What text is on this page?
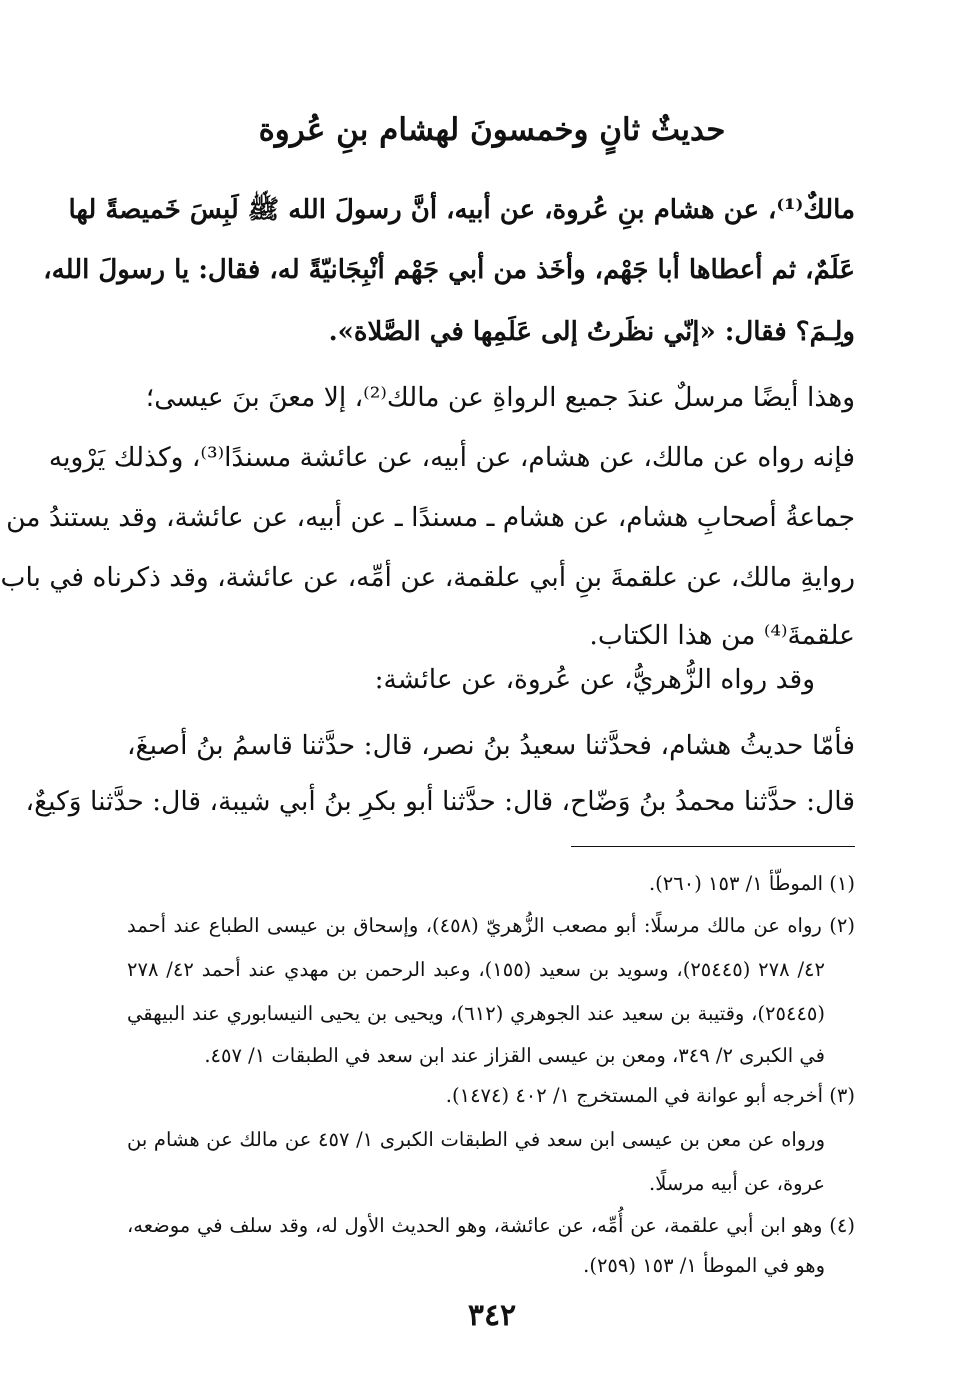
حديثٌ ثانٍ وخمسونَ لهشام بنِ عُروة
مالكٌ⁽¹⁾، عن هشام بنِ عُروة، عن أبيه، أنَّ رسولَ الله ﷺ لَبِسَ خَميصةً لها
عَلَمٌ، ثم أعطاها أبا جَهْم، وأخَذ من أبي جَهْم أنْبِجَانيّةً له، فقال: يا رسولَ الله،
ولِـمَ؟ فقال: «إنّي نظَرتُ إلى عَلَمِها في الصَّلاة».
وهذا أيضًا مرسلٌ عندَ جميع الرواةِ عن مالك⁽²⁾، إلا معنَ بنَ عيسى؛
فإنه رواه عن مالك، عن هشام، عن أبيه، عن عائشة مسندًا⁽³⁾، وكذلك يَرْويه
جماعةُ أصحابِ هشام، عن هشام ـ مسندًا ـ عن أبيه، عن عائشة، وقد يستندُ من
روايةِ مالك، عن علقمةَ بنِ أبي علقمة، عن أمِّه، عن عائشة، وقد ذكرناه في باب
علقمةَ⁽⁴⁾ من هذا الكتاب.
وقد رواه الزُّهريُّ، عن عُروة، عن عائشة:
فأمّا حديثُ هشام، فحدَّثنا سعيدُ بنُ نصر، قال: حدَّثنا قاسمُ بنُ أصبغَ،
قال: حدَّثنا محمدُ بنُ وَضّاح، قال: حدَّثنا أبو بكرِ بنُ أبي شيبة، قال: حدَّثنا وَكيعٌ،
(١) الموطّأ ١/ ١٥٣ (٢٦٠).
(٢) رواه عن مالك مرسلًا: أبو مصعب الزُّهريّ (٤٥٨)، وإسحاق بن عيسى الطباع عند أحمد
٤٢/ ٢٧٨ (٢٥٤٤٥)، وسويد بن سعيد (١٥٥)، وعبد الرحمن بن مهدي عند أحمد ٤٢/ ٢٧٨
(٢٥٤٤٥)، وقتيبة بن سعيد عند الجوهري (٦١٢)، ويحيى بن يحيى النيسابوري عند البيهقي
في الكبرى ٢/ ٣٤٩، ومعن بن عيسى القزاز عند ابن سعد في الطبقات ١/ ٤٥٧.
(٣) أخرجه أبو عوانة في المستخرج ١/ ٤٠٢ (١٤٧٤).
ورواه عن معن بن عيسى ابن سعد في الطبقات الكبرى ١/ ٤٥٧ عن مالك عن هشام بن
عروة، عن أبيه مرسلًا.
(٤) وهو ابن أبي علقمة، عن أُمِّه، عن عائشة، وهو الحديث الأول له، وقد سلف في موضعه،
وهو في الموطأ ١/ ١٥٣ (٢٥٩).
٣٤٢
